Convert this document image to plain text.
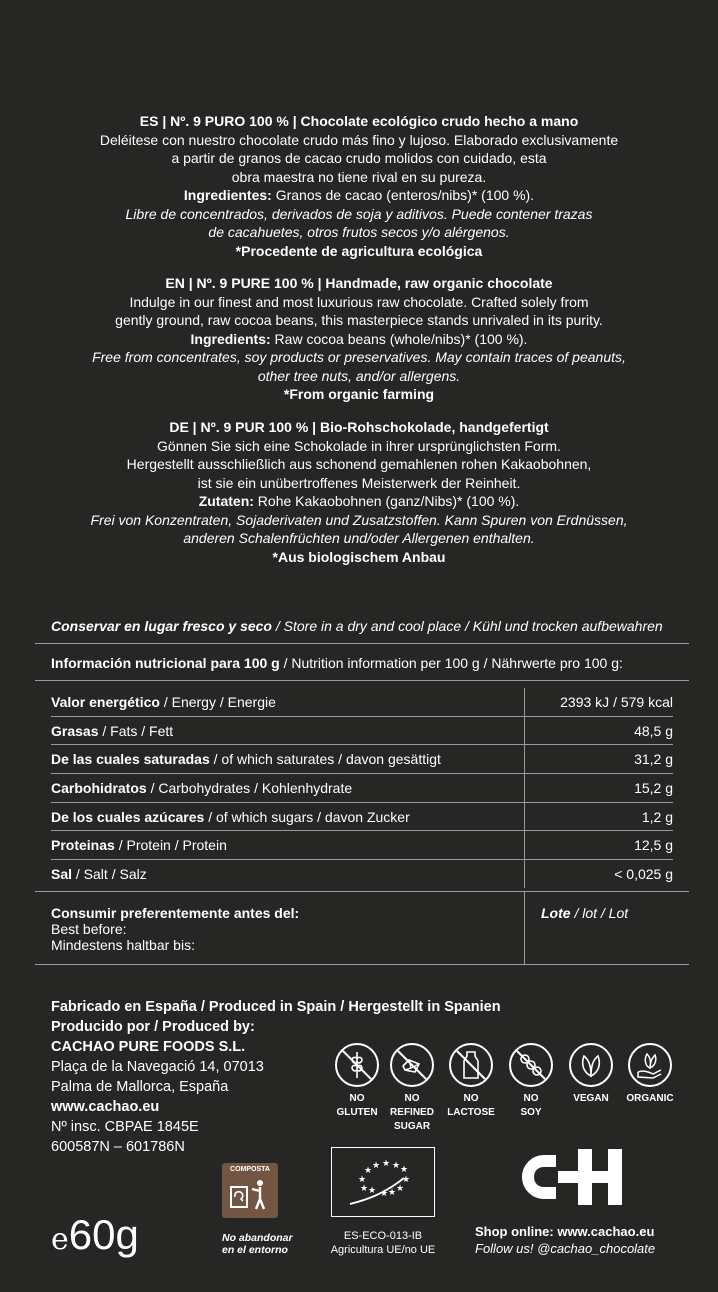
ES | Nº. 9 PURO 100 % | Chocolate ecológico crudo hecho a mano
Deléitese con nuestro chocolate crudo más fino y lujoso. Elaborado exclusivamente
a partir de granos de cacao crudo molidos con cuidado, esta
obra maestra no tiene rival en su pureza.
Ingredientes: Granos de cacao (enteros/nibs)* (100 %).
Libre de concentrados, derivados de soja y aditivos. Puede contener trazas
de cacahuetes, otros frutos secos y/o alérgenos.
*Procedente de agricultura ecológica
EN | Nº. 9 PURE 100 % | Handmade, raw organic chocolate
Indulge in our finest and most luxurious raw chocolate. Crafted solely from
gently ground, raw cocoa beans, this masterpiece stands unrivaled in its purity.
Ingredients: Raw cocoa beans (whole/nibs)* (100 %).
Free from concentrates, soy products or preservatives. May contain traces of peanuts,
other tree nuts, and/or allergens.
*From organic farming
DE | Nº. 9 PUR 100 % | Bio-Rohschokolade, handgefertigt
Gönnen Sie sich eine Schokolade in ihrer ursprünglichsten Form.
Hergestellt ausschließlich aus schonend gemahlenen rohen Kakaobohnen,
ist sie ein unübertroffenes Meisterwerk der Reinheit.
Zutaten: Rohe Kakaobohnen (ganz/Nibs)* (100 %).
Frei von Konzentraten, Sojaderivaten und Zusatzstoffen. Kann Spuren von Erdnüssen,
anderen Schalenfrüchten und/oder Allergenen enthalten.
*Aus biologischem Anbau
Conservar en lugar fresco y seco / Store in a dry and cool place / Kühl und trocken aufbewahren
Información nutricional para 100 g / Nutrition information per 100 g / Nährwerte pro 100 g:
Valor energético / Energy / Energie	2393 kJ / 579 kcal
Grasas / Fats / Fett	48,5 g
De las cuales saturadas / of which saturates / davon gesättigt	31,2 g
Carbohidratos / Carbohydrates / Kohlenhydrate	15,2 g
De los cuales azúcares / of which sugars / davon Zucker	1,2 g
Proteinas / Protein / Protein	12,5 g
Sal / Salt / Salz	< 0,025 g
Consumir preferentemente antes del:
Best before:
Mindestens haltbar bis:
Lote / lot / Lot
Fabricado en España / Produced in Spain / Hergestellt in Spanien
Producido por / Produced by:
CACHAO PURE FOODS S.L.
Plaça de la Navegació 14, 07013
Palma de Mallorca, España
www.cachao.eu
Nº insc. CBPAE 1845E
600587N – 601786N
NO
GLUTEN
NO REFINED
SUGAR
NO
LACTOSE
NO
SOY
VEGAN	ORGANIC
COMPOSTA
No abandonar
en el entorno
★ ★ ★ ★
★
★
★
★
★ ★ ★
★
ES-ECO-013-IB
Agricultura UE/no UE
Shop online: www.cachao.eu
Follow us! @cachao_chocolate
e60g
